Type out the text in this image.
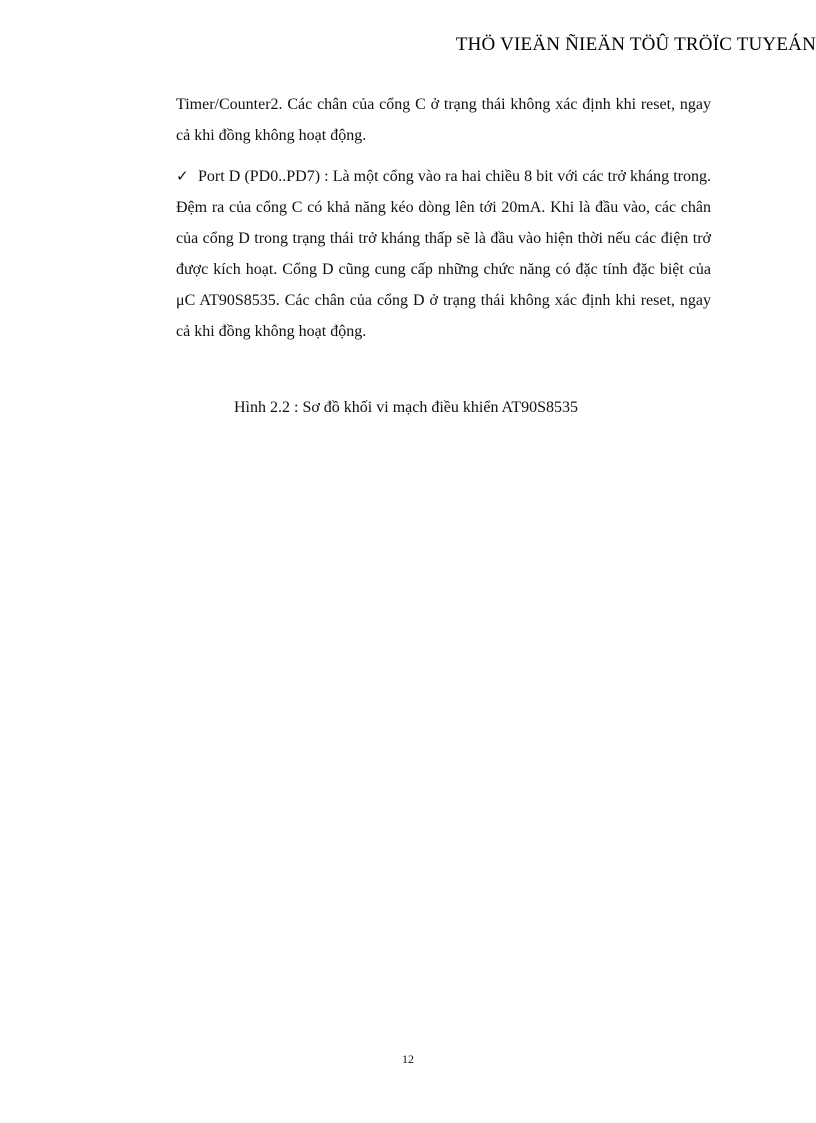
THÖ VIEÄN ÑIEÄN TÖÛ TRÖÏC TUYEÁN

Timer/Counter2. Các chân của cổng C ở trạng thái không xác định khi reset, ngay cả khi đồng không hoạt động.

✓ Port D (PD0..PD7) : Là một cổng vào ra hai chiều 8 bit với các trở kháng trong. Đệm ra của cổng C có khả năng kéo dòng lên tới 20mA. Khi là đầu vào, các chân của cổng D trong trạng thái trở kháng thấp sẽ là đầu vào hiện thời nếu các điện trở được kích hoạt. Cổng D cũng cung cấp những chức năng có đặc tính đặc biệt của μC AT90S8535. Các chân của cổng D ở trạng thái không xác định khi reset, ngay cả khi đồng không hoạt động.

Hình 2.2 : Sơ đồ khối vi mạch điều khiển AT90S8535
12
